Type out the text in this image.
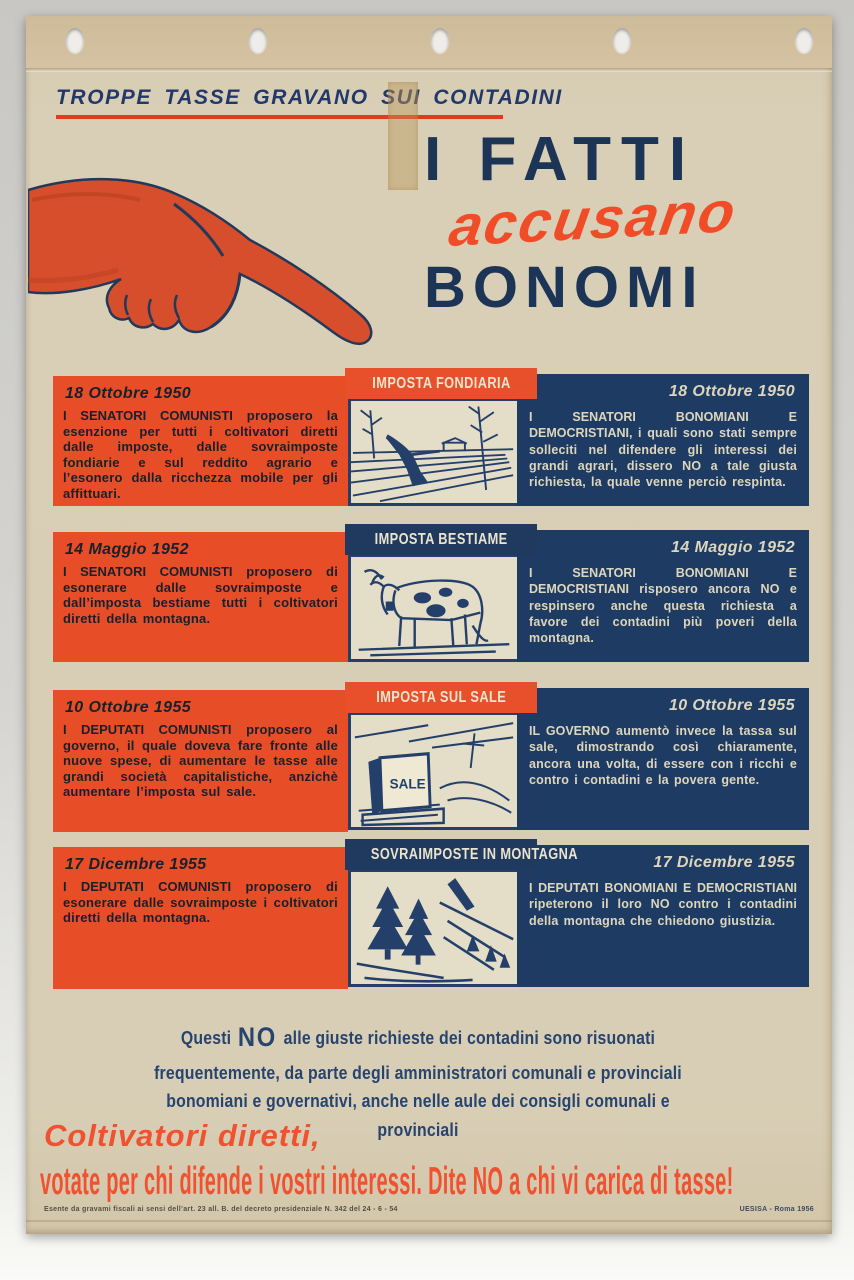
TROPPE TASSE GRAVANO SUI CONTADINI
I FATTI
accusano
BONOMI
18 Ottobre 1950

I SENATORI COMUNISTI proposero la esenzione per tutti i coltivatori diretti dalle imposte, dalle sovraimposte fondiarie e sul reddito agrario e l’esonero dalla ricchezza mobile per gli affittuari.

IMPOSTA FONDIARIA	18 Ottobre 1950

I SENATORI BONOMIANI E DEMOCRISTIANI, i quali sono stati sempre solleciti nel difendere gli interessi dei grandi agrari, dissero NO a tale giusta richiesta, la quale venne perciò respinta.

14 Maggio 1952

I SENATORI COMUNISTI proposero di esonerare dalle sovraimposte e dall’imposta bestiame tutti i coltivatori diretti della montagna.

IMPOSTA BESTIAME	14 Maggio 1952

I SENATORI BONOMIANI E DEMOCRISTIANI risposero ancora NO e respinsero anche questa richiesta a favore dei contadini più poveri della montagna.

10 Ottobre 1955

I DEPUTATI COMUNISTI proposero al governo, il quale doveva fare fronte alle nuove spese, di aumentare le tasse alle grandi società capitalistiche, anzichè aumentare l’imposta sul sale.

SALE
IMPOSTA SUL SALE	10 Ottobre 1955

IL GOVERNO aumentò invece la tassa sul sale, dimostrando così chiaramente, ancora una volta, di essere con i ricchi e contro i contadini e la povera gente.

17 Dicembre 1955

I DEPUTATI COMUNISTI proposero di esonerare dalle sovraimposte i coltivatori diretti della montagna.

SOVRAIMPOSTE IN MONTAGNA	17 Dicembre 1955

I DEPUTATI BONOMIANI E DEMOCRISTIANI ripeterono il loro NO contro i contadini della montagna che chiedono giustizia.

Questi NO alle giuste richieste dei contadini sono risuonati frequentemente, da parte degli amministratori comunali e provinciali bonomiani e governativi, anche nelle aule dei consigli comunali e provinciali
Coltivatori diretti,
votate per chi difende i vostri interessi. Dite NO a chi vi carica di tasse!
Esente da gravami fiscali ai sensi dell’art. 23 all. B. del decreto presidenziale N. 342 del 24 - 6 - 54	UESISA - Roma 1956
